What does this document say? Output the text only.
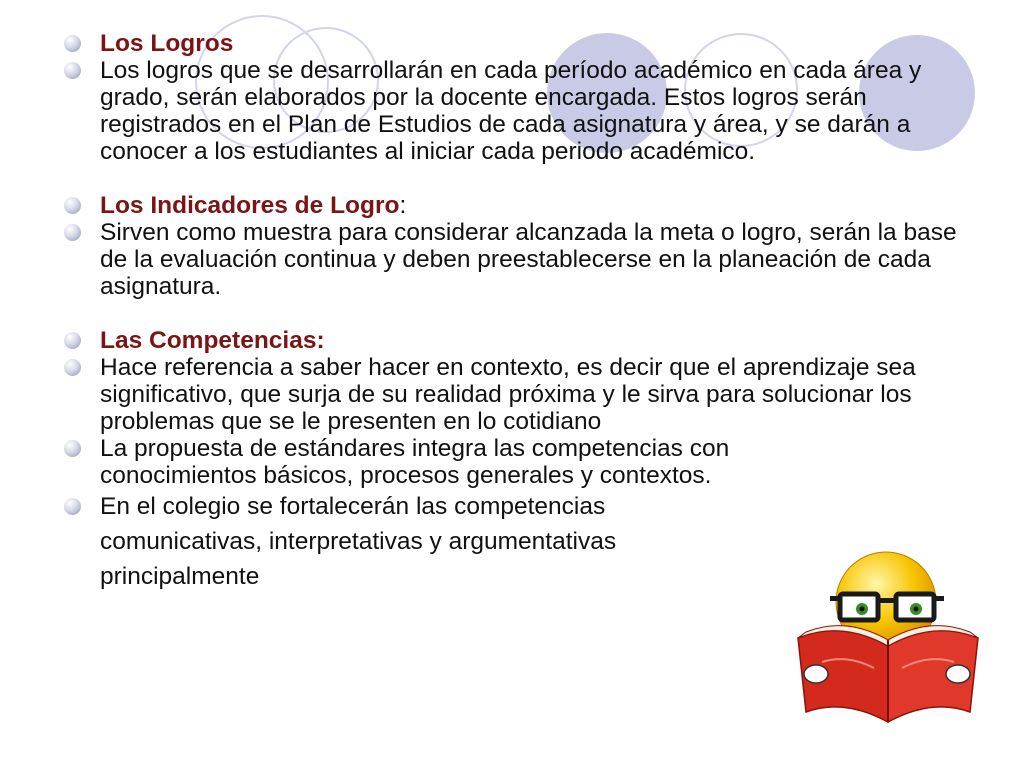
Los Logros
Los logros que se desarrollarán en cada período académico en cada área y grado, serán elaborados por la docente encargada. Estos logros serán registrados en el Plan de Estudios de cada asignatura y área, y se darán a conocer a los estudiantes al iniciar cada periodo académico.
Los Indicadores de Logro:
Sirven como muestra para considerar alcanzada la meta o logro, serán la base de la evaluación continua y deben preestablecerse en la planeación de cada asignatura.
Las Competencias:
Hace referencia a saber hacer en contexto, es decir que el aprendizaje sea significativo, que surja de su realidad próxima y le sirva para solucionar los problemas que se le presenten en lo cotidiano
La propuesta de estándares integra las competencias con conocimientos básicos, procesos generales y contextos.
En el colegio se fortalecerán las competencias comunicativas, interpretativas y argumentativas principalmente
